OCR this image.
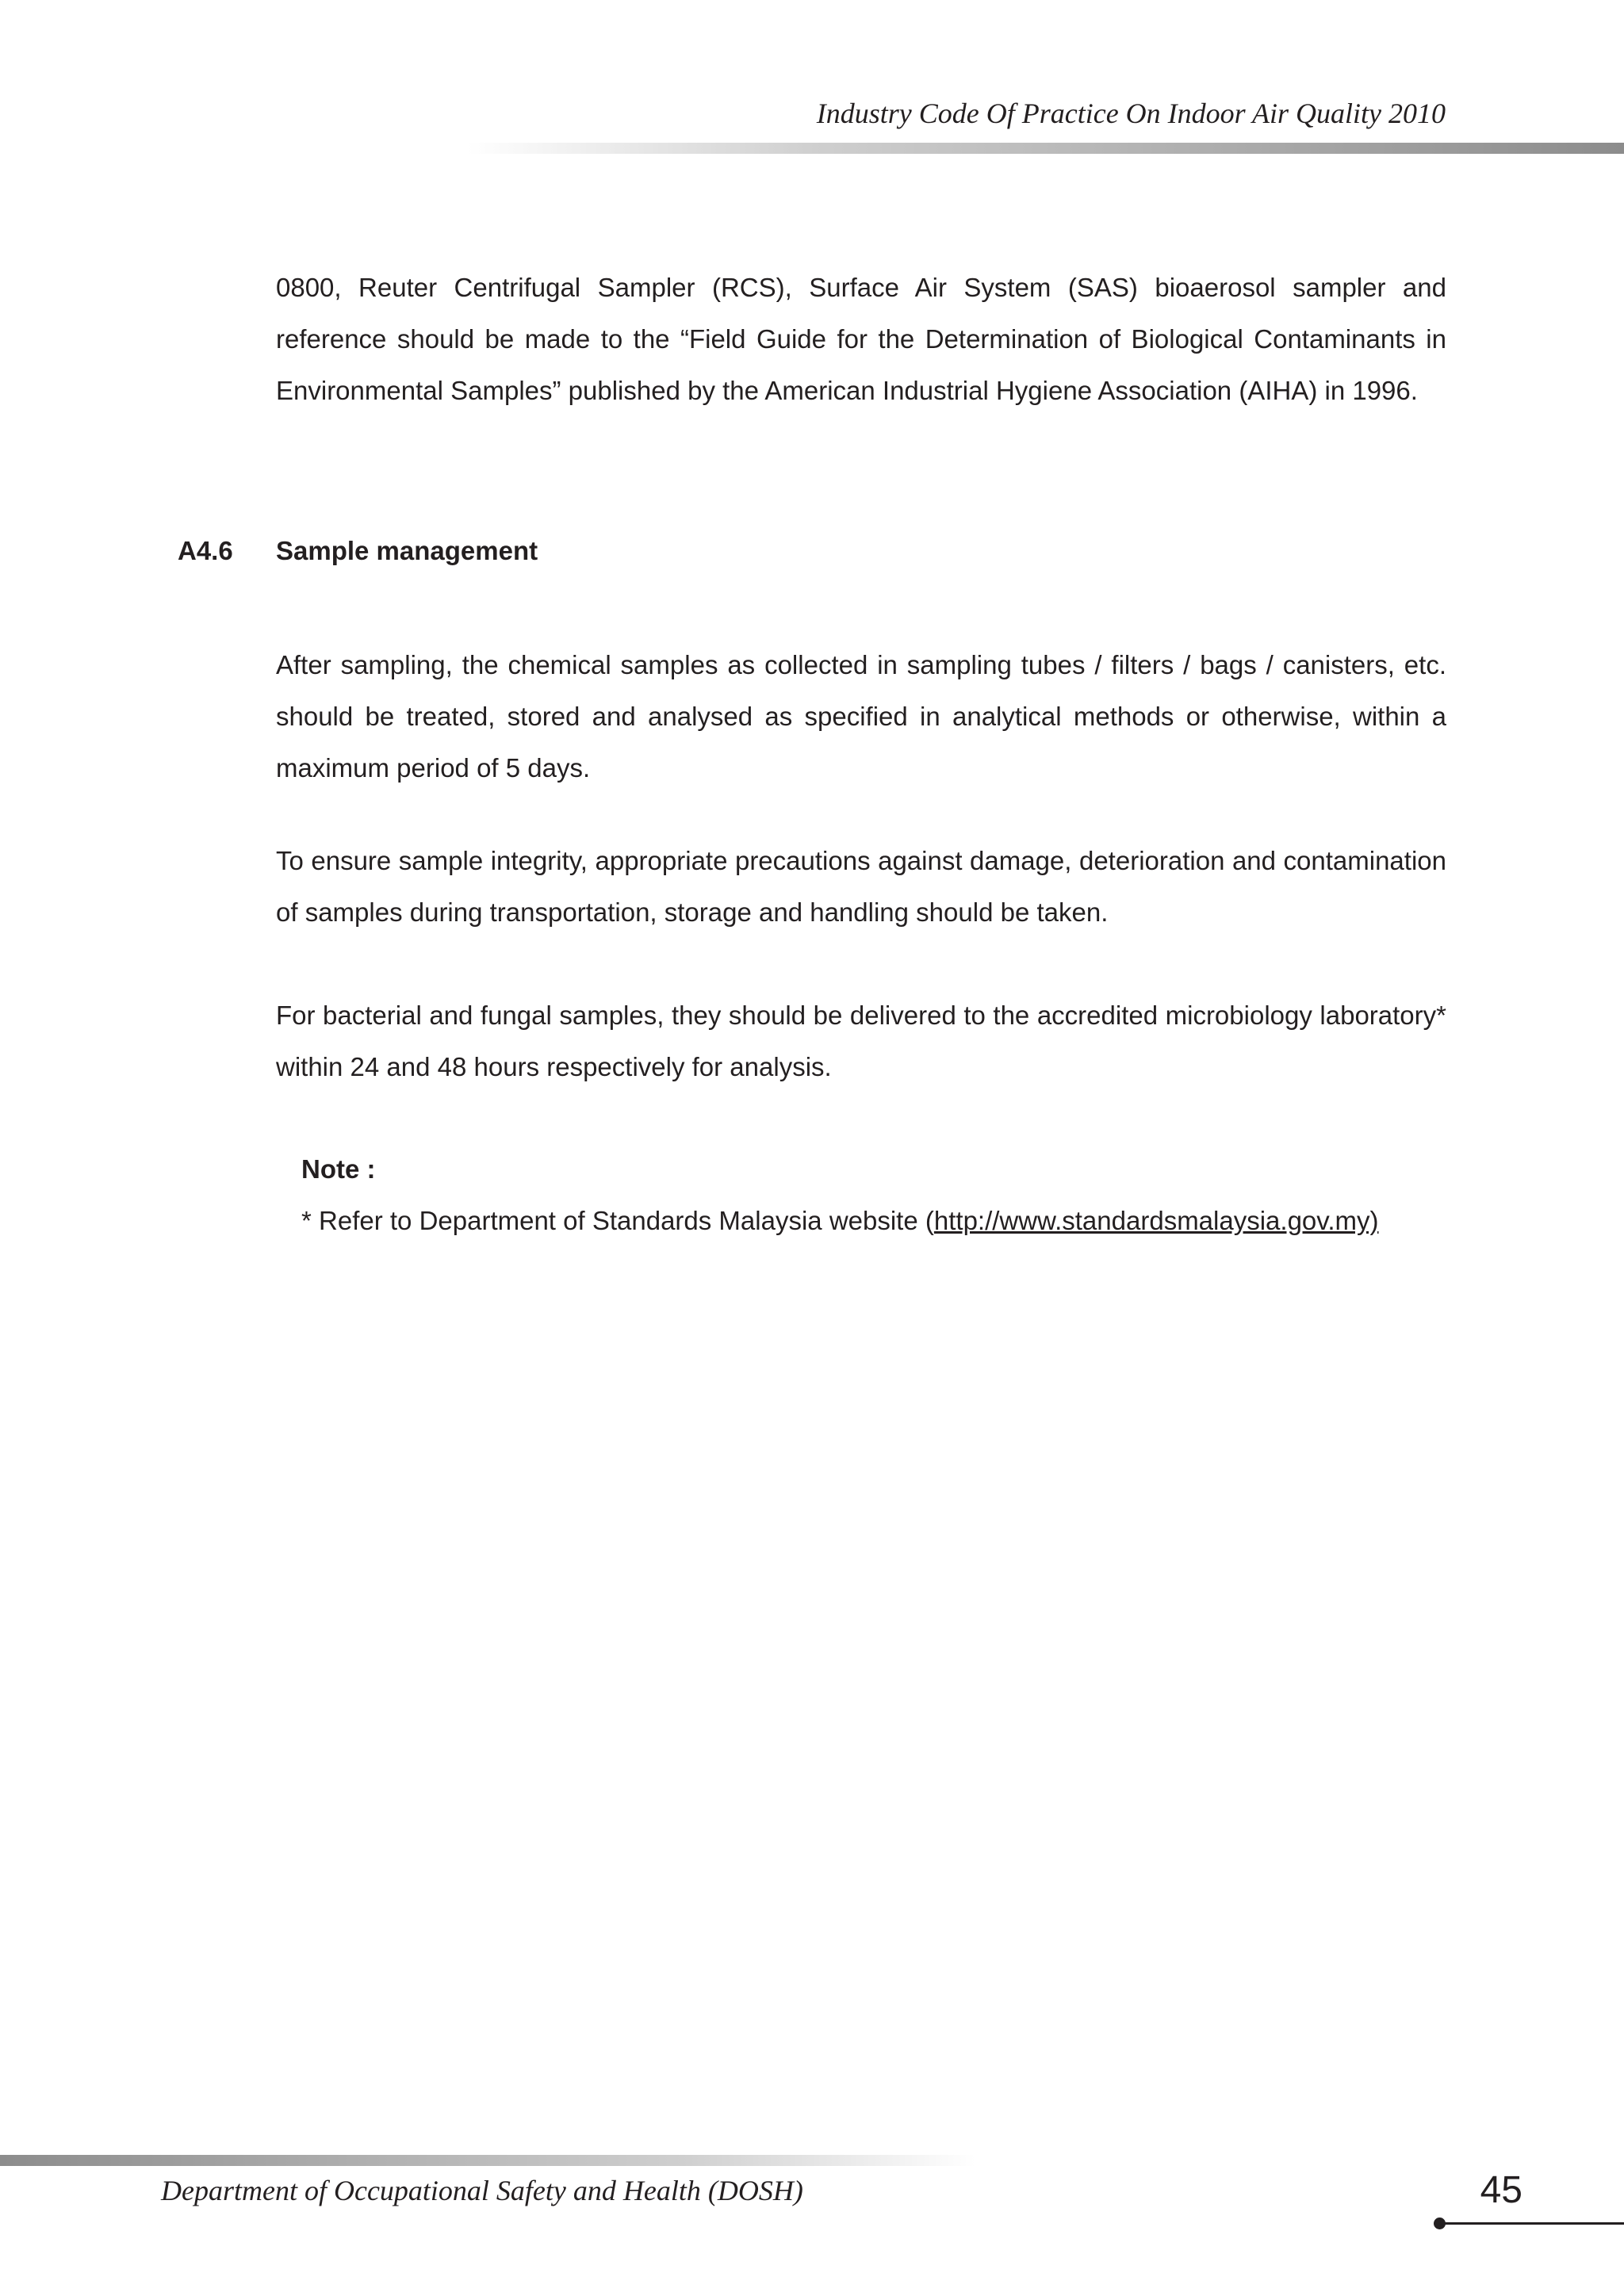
Industry Code Of Practice On Indoor Air Quality 2010

0800, Reuter Centrifugal Sampler (RCS), Surface Air System (SAS) bioaerosol sampler and reference should be made to the “Field Guide for the Determination of Biological Contaminants in Environmental Samples” published by the American Industrial Hygiene Association (AIHA) in 1996.

A4.6 Sample management

After sampling, the chemical samples as collected in sampling tubes / filters / bags / canisters, etc. should be treated, stored and analysed as specified in analytical methods or otherwise, within a maximum period of 5 days.

To ensure sample integrity, appropriate precautions against damage, deterioration and contamination of samples during transportation, storage and handling should be taken.

For bacterial and fungal samples, they should be delivered to the accredited microbiology laboratory* within 24 and 48 hours respectively for analysis.

Note :
* Refer to Department of Standards Malaysia website (http://www.standardsmalaysia.gov.my)
Department of Occupational Safety and Health (DOSH)	45
